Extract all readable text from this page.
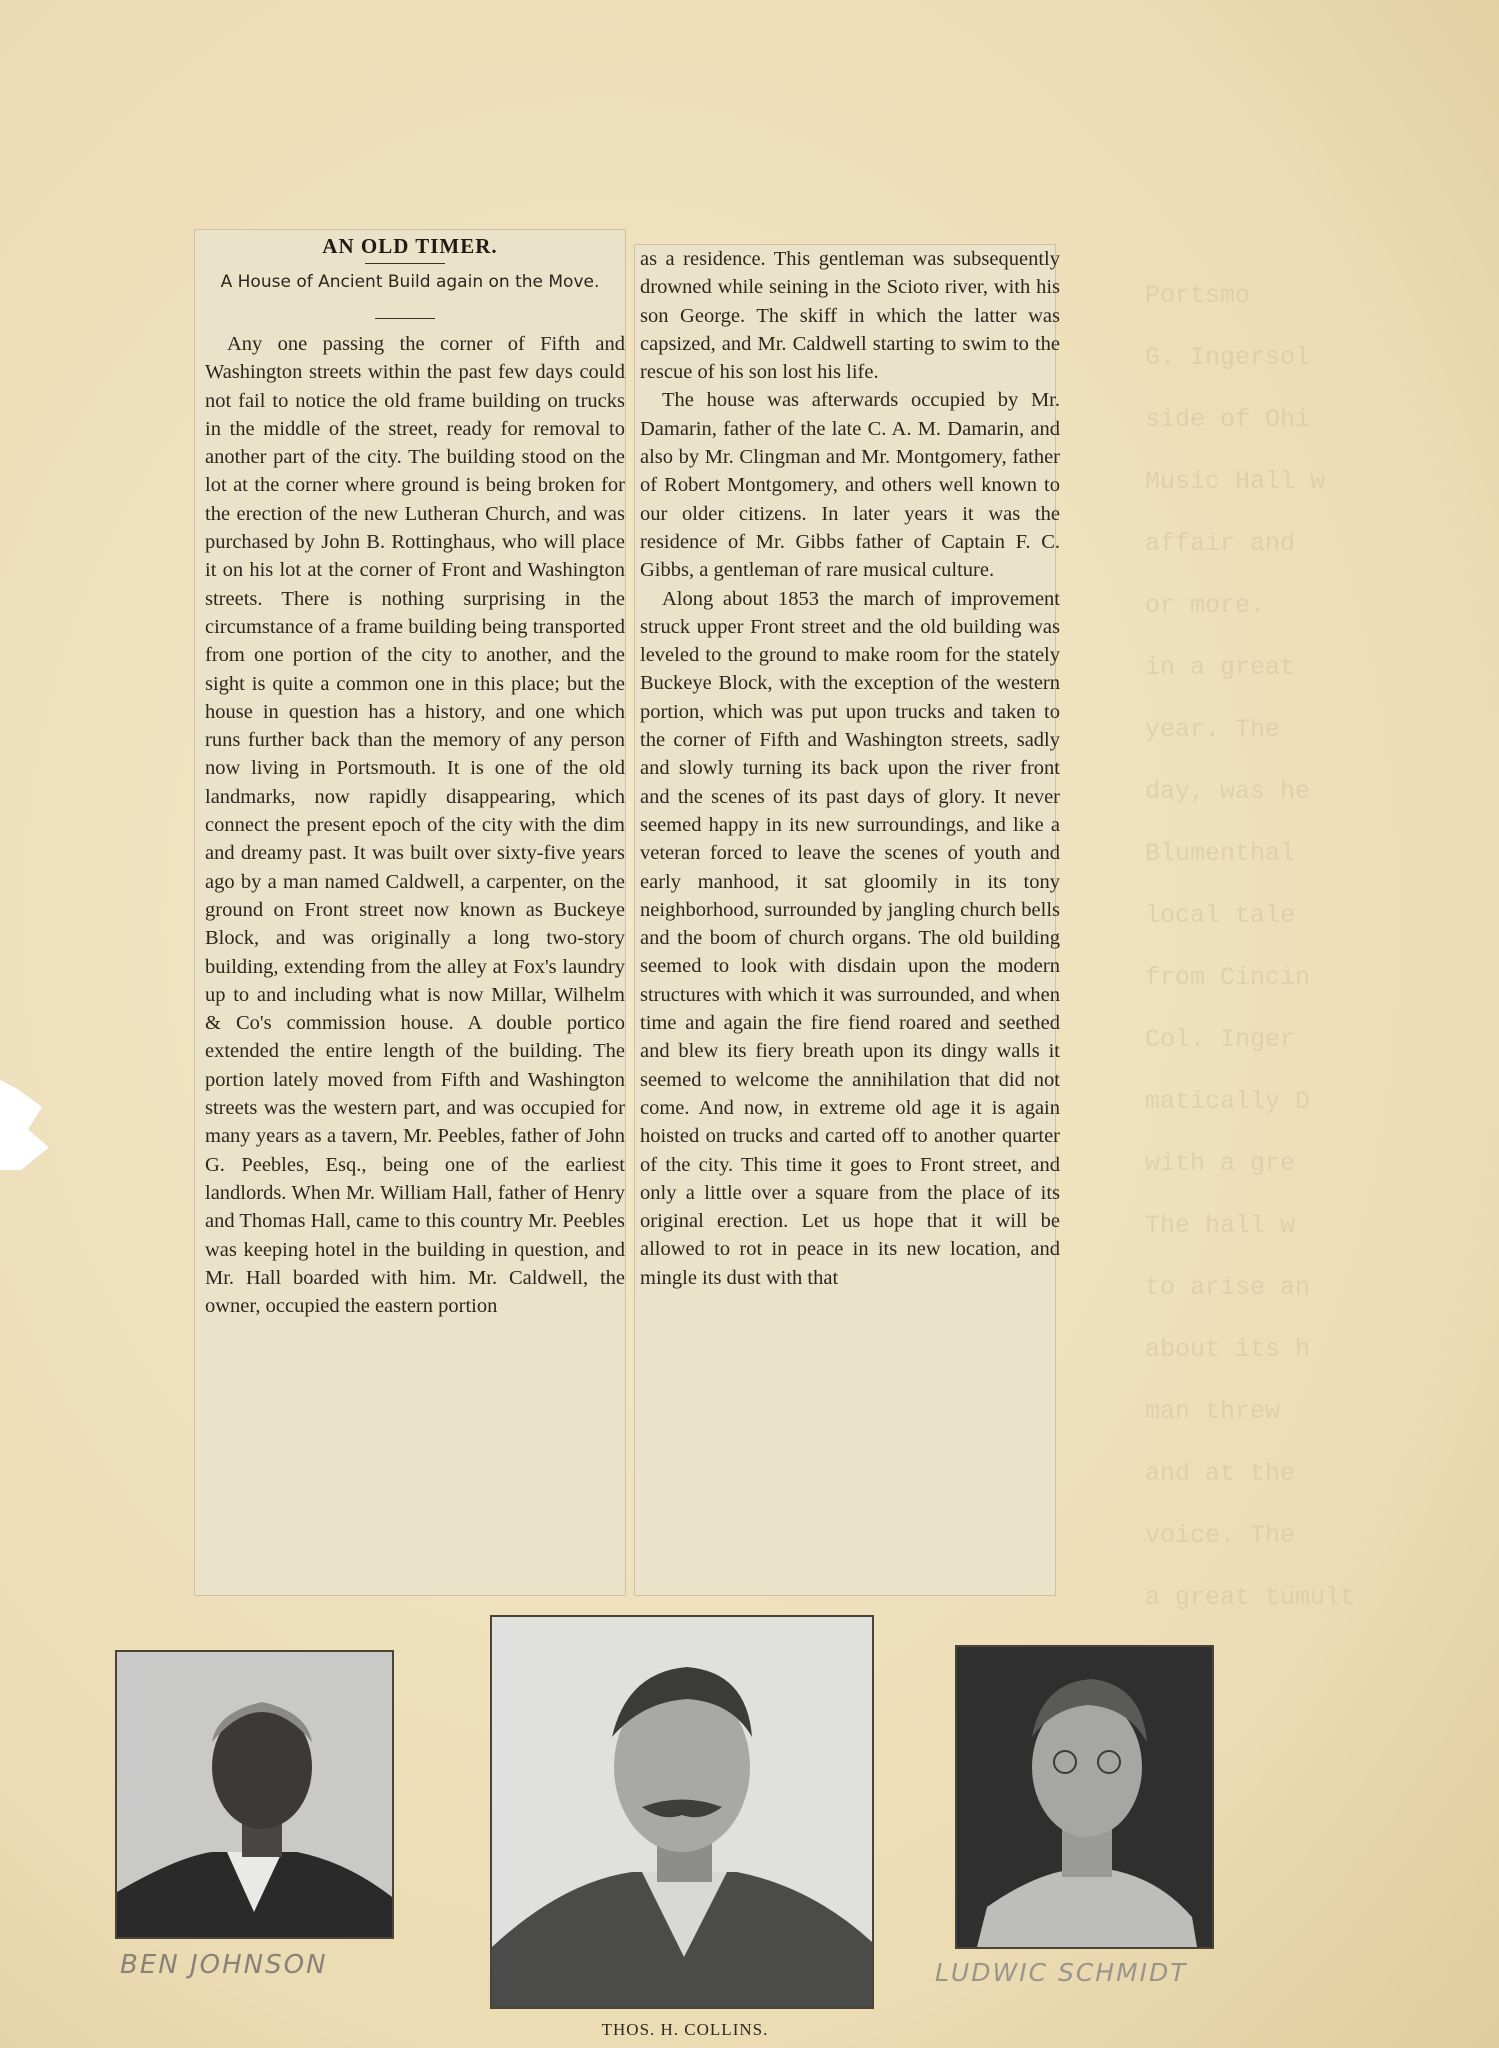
Portsmo
G. Ingersol
side of Ohi
Music Hall w
affair and
or more.
in a great
year. The
day, was he
Blumenthal
local tale
from Cincin
Col. Inger
matically D
with a gre
The hall w
to arise an
about its h
man threw
and at the
voice. The
a great tumult
AN OLD TIMER.
A House of Ancient Build again on the Move.

Any one passing the corner of Fifth and Washington streets within the past few days could not fail to notice the old frame building on trucks in the middle of the street, ready for removal to another part of the city. The building stood on the lot at the corner where ground is being broken for the erection of the new Lutheran Church, and was purchased by John B. Rottinghaus, who will place it on his lot at the corner of Front and Washington streets. There is nothing surprising in the circumstance of a frame building being transported from one portion of the city to another, and the sight is quite a common one in this place; but the house in question has a history, and one which runs further back than the memory of any person now living in Portsmouth. It is one of the old landmarks, now rapidly disappearing, which connect the present epoch of the city with the dim and dreamy past. It was built over sixty-five years ago by a man named Caldwell, a carpenter, on the ground on Front street now known as Buckeye Block, and was originally a long two-story building, extending from the alley at Fox's laundry up to and including what is now Millar, Wilhelm & Co's commission house. A double portico extended the entire length of the building. The portion lately moved from Fifth and Washington streets was the western part, and was occupied for many years as a tavern, Mr. Peebles, father of John G. Peebles, Esq., being one of the earliest landlords. When Mr. William Hall, father of Henry and Thomas Hall, came to this country Mr. Peebles was keeping hotel in the building in question, and Mr. Hall boarded with him. Mr. Caldwell, the owner, occupied the eastern portion

as a residence. This gentleman was subsequently drowned while seining in the Scioto river, with his son George. The skiff in which the latter was capsized, and Mr. Caldwell starting to swim to the rescue of his son lost his life.

The house was afterwards occupied by Mr. Damarin, father of the late C. A. M. Damarin, and also by Mr. Clingman and Mr. Montgomery, father of Robert Montgomery, and others well known to our older citizens. In later years it was the residence of Mr. Gibbs father of Captain F. C. Gibbs, a gentleman of rare musical culture.

Along about 1853 the march of improvement struck upper Front street and the old building was leveled to the ground to make room for the stately Buckeye Block, with the exception of the western portion, which was put upon trucks and taken to the corner of Fifth and Washington streets, sadly and slowly turning its back upon the river front and the scenes of its past days of glory. It never seemed happy in its new surroundings, and like a veteran forced to leave the scenes of youth and early manhood, it sat gloomily in its tony neighborhood, surrounded by jangling church bells and the boom of church organs. The old building seemed to look with disdain upon the modern structures with which it was surrounded, and when time and again the fire fiend roared and seethed and blew its fiery breath upon its dingy walls it seemed to welcome the annihilation that did not come. And now, in extreme old age it is again hoisted on trucks and carted off to another quarter of the city. This time it goes to Front street, and only a little over a square from the place of its original erection. Let us hope that it will be allowed to rot in peace in its new location, and mingle its dust with that

BEN JOHNSON
THOS. H. COLLINS.
LUDWIC SCHMIDT
